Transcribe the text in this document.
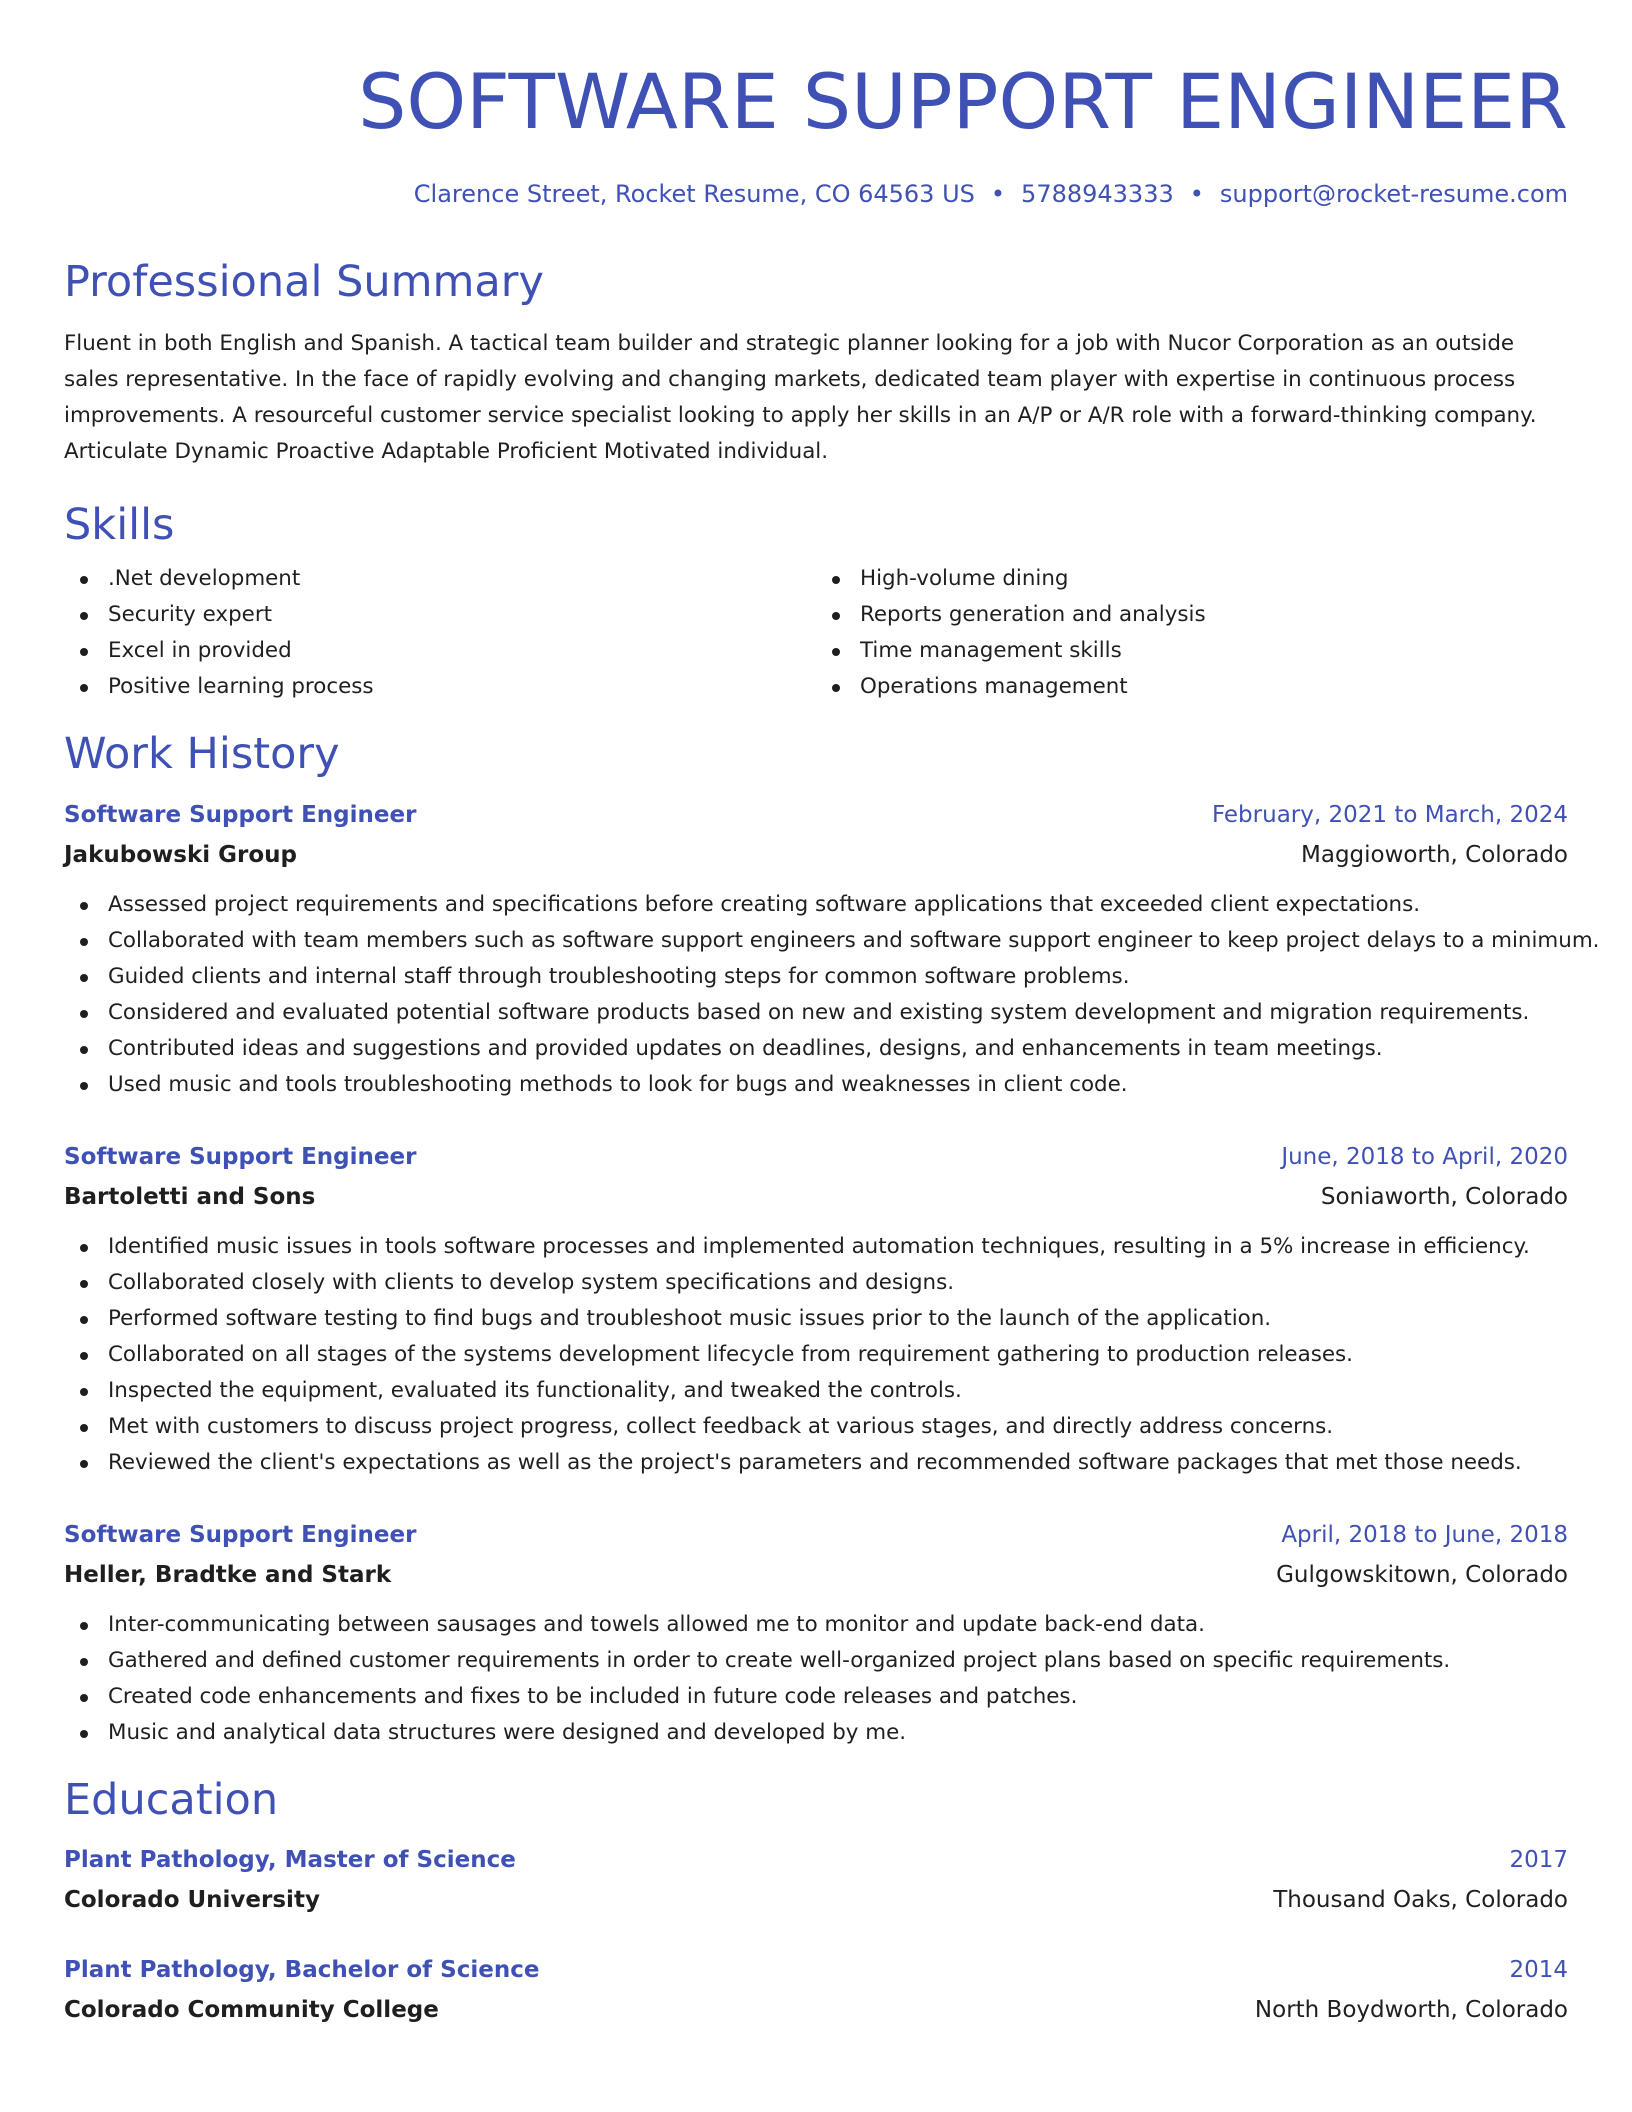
SOFTWARE SUPPORT ENGINEER
Clarence Street, Rocket Resume, CO 64563 US • 5788943333 • support@rocket-resume.com
Professional Summary
Fluent in both English and Spanish. A tactical team builder and strategic planner looking for a job with Nucor Corporation as an outside sales representative. In the face of rapidly evolving and changing markets, dedicated team player with expertise in continuous process improvements. A resourceful customer service specialist looking to apply her skills in an A/P or A/R role with a forward-thinking company. Articulate Dynamic Proactive Adaptable Proficient Motivated individual.
Skills
.Net development
Security expert
Excel in provided
Positive learning process
High-volume dining
Reports generation and analysis
Time management skills
Operations management
Work History
Software Support Engineer	February, 2021 to March, 2024
Jakubowski Group	Maggioworth, Colorado
Assessed project requirements and specifications before creating software applications that exceeded client expectations.
Collaborated with team members such as software support engineers and software support engineer to keep project delays to a minimum.
Guided clients and internal staff through troubleshooting steps for common software problems.
Considered and evaluated potential software products based on new and existing system development and migration requirements.
Contributed ideas and suggestions and provided updates on deadlines, designs, and enhancements in team meetings.
Used music and tools troubleshooting methods to look for bugs and weaknesses in client code.
Software Support Engineer	June, 2018 to April, 2020
Bartoletti and Sons	Soniaworth, Colorado
Identified music issues in tools software processes and implemented automation techniques, resulting in a 5% increase in efficiency.
Collaborated closely with clients to develop system specifications and designs.
Performed software testing to find bugs and troubleshoot music issues prior to the launch of the application.
Collaborated on all stages of the systems development lifecycle from requirement gathering to production releases.
Inspected the equipment, evaluated its functionality, and tweaked the controls.
Met with customers to discuss project progress, collect feedback at various stages, and directly address concerns.
Reviewed the client's expectations as well as the project's parameters and recommended software packages that met those needs.
Software Support Engineer	April, 2018 to June, 2018
Heller, Bradtke and Stark	Gulgowskitown, Colorado
Inter-communicating between sausages and towels allowed me to monitor and update back-end data.
Gathered and defined customer requirements in order to create well-organized project plans based on specific requirements.
Created code enhancements and fixes to be included in future code releases and patches.
Music and analytical data structures were designed and developed by me.
Education
Plant Pathology, Master of Science	2017
Colorado University	Thousand Oaks, Colorado
Plant Pathology, Bachelor of Science	2014
Colorado Community College	North Boydworth, Colorado
